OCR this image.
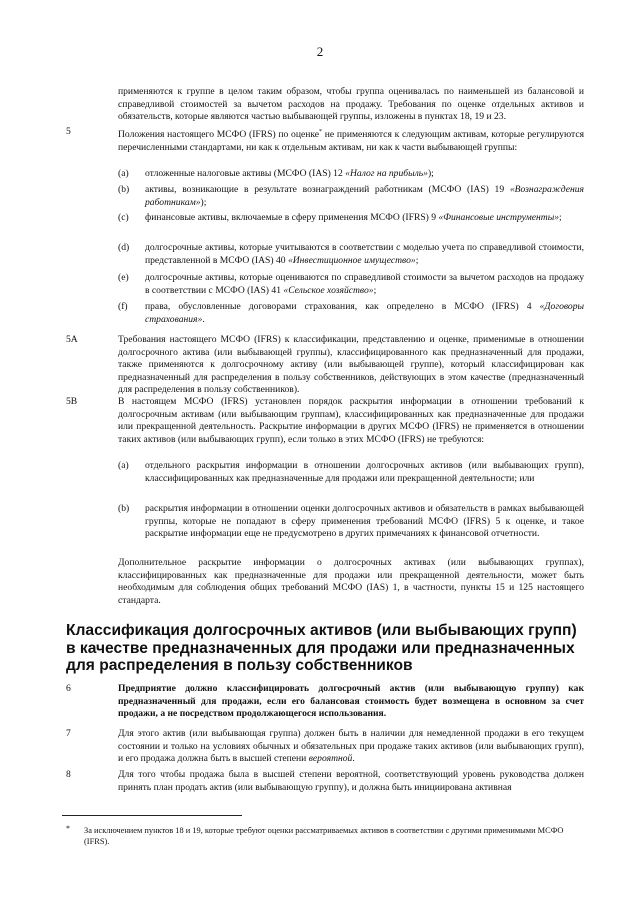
2
применяются к группе в целом таким образом, чтобы группа оценивалась по наименьшей из балансовой и справедливой стоимостей за вычетом расходов на продажу. Требования по оценке отдельных активов и обязательств, которые являются частью выбывающей группы, изложены в пунктах 18, 19 и 23.
5	Положения настоящего МСФО (IFRS) по оценке* не применяются к следующим активам, которые регулируются перечисленными стандартами, ни как к отдельным активам, ни как к части выбывающей группы:
(a) отложенные налоговые активы (МСФО (IAS) 12 «Налог на прибыль»);
(b) активы, возникающие в результате вознаграждений работникам (МСФО (IAS) 19 «Вознаграждения работникам»);
(c) финансовые активы, включаемые в сферу применения МСФО (IFRS) 9 «Финансовые инструменты»;
(d) долгосрочные активы, которые учитываются в соответствии с моделью учета по справедливой стоимости, представленной в МСФО (IAS) 40 «Инвестиционное имущество»;
(e) долгосрочные активы, которые оцениваются по справедливой стоимости за вычетом расходов на продажу в соответствии с МСФО (IAS) 41 «Сельское хозяйство»;
(f) права, обусловленные договорами страхования, как определено в МСФО (IFRS) 4 «Договоры страхования».
5A	Требования настоящего МСФО (IFRS) к классификации, представлению и оценке, применимые в отношении долгосрочного актива (или выбывающей группы), классифицированного как предназначенный для продажи, также применяются к долгосрочному активу (или выбывающей группе), который классифицирован как предназначенный для распределения в пользу собственников, действующих в этом качестве (предназначенный для распределения в пользу собственников).
5B	В настоящем МСФО (IFRS) установлен порядок раскрытия информации в отношении требований к долгосрочным активам (или выбывающим группам), классифицированных как предназначенные для продажи или прекращенной деятельность. Раскрытие информации в других МСФО (IFRS) не применяется в отношении таких активов (или выбывающих групп), если только в этих МСФО (IFRS) не требуются:
(a) отдельного раскрытия информации в отношении долгосрочных активов (или выбывающих групп), классифицированных как предназначенные для продажи или прекращенной деятельности; или
(b) раскрытия информации в отношении оценки долгосрочных активов и обязательств в рамках выбывающей группы, которые не попадают в сферу применения требований МСФО (IFRS) 5 к оценке, и такое раскрытие информации еще не предусмотрено в других примечаниях к финансовой отчетности.
Дополнительное раскрытие информации о долгосрочных активах (или выбывающих группах), классифицированных как предназначенные для продажи или прекращенной деятельности, может быть необходимым для соблюдения общих требований МСФО (IAS) 1, в частности, пункты 15 и 125 настоящего стандарта.
Классификация долгосрочных активов (или выбывающих групп) в качестве предназначенных для продажи или предназначенных для распределения в пользу собственников
6	Предприятие должно классифицировать долгосрочный актив (или выбывающую группу) как предназначенный для продажи, если его балансовая стоимость будет возмещена в основном за счет продажи, а не посредством продолжающегося использования.
7	Для этого актив (или выбывающая группа) должен быть в наличии для немедленной продажи в его текущем состоянии и только на условиях обычных и обязательных при продаже таких активов (или выбывающих групп), и его продажа должна быть в высшей степени вероятной.
8	Для того чтобы продажа была в высшей степени вероятной, соответствующий уровень руководства должен принять план продать актив (или выбывающую группу), и должна быть инициирована активная
* За исключением пунктов 18 и 19, которые требуют оценки рассматриваемых активов в соответствии с другими применимыми МСФО (IFRS).
